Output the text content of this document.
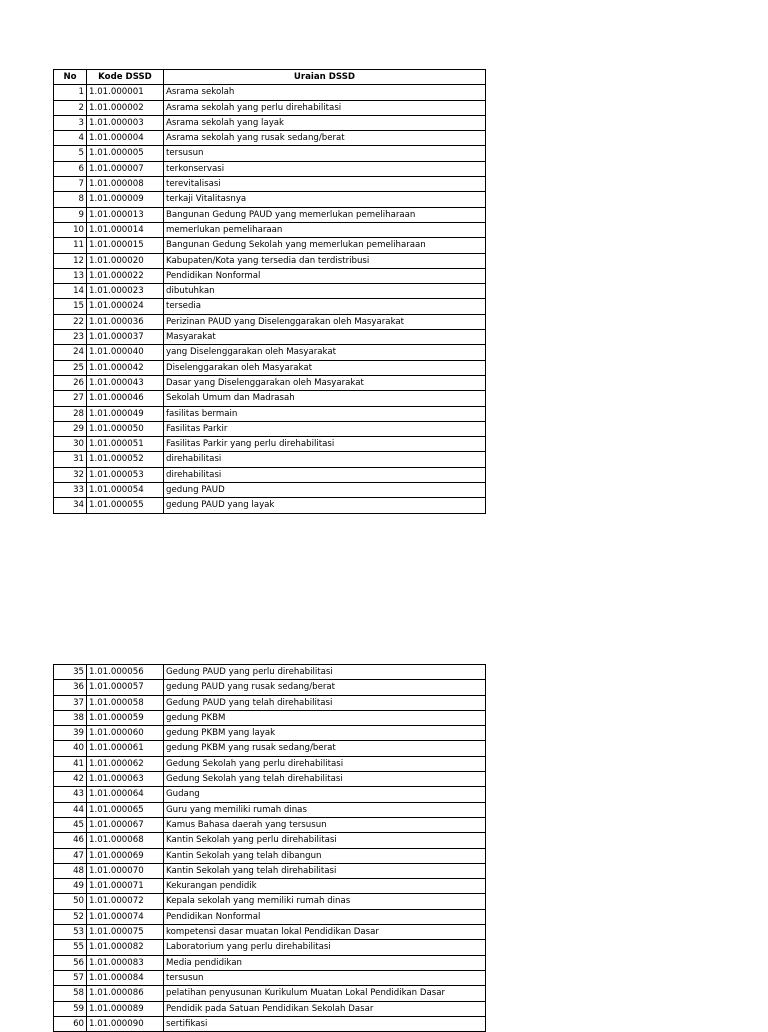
No	Kode DSSD	Uraian DSSD
1	1.01.000001	Asrama sekolah
2	1.01.000002	Asrama sekolah yang perlu direhabilitasi
3	1.01.000003	Asrama sekolah yang layak
4	1.01.000004	Asrama sekolah yang rusak sedang/berat
5	1.01.000005	tersusun
6	1.01.000007	terkonservasi
7	1.01.000008	terevitalisasi
8	1.01.000009	terkaji Vitalitasnya
9	1.01.000013	Bangunan Gedung PAUD yang memerlukan pemeliharaan
10	1.01.000014	memerlukan pemeliharaan
11	1.01.000015	Bangunan Gedung Sekolah yang memerlukan pemeliharaan
12	1.01.000020	Kabupaten/Kota yang tersedia dan terdistribusi
13	1.01.000022	Pendidikan Nonformal
14	1.01.000023	dibutuhkan
15	1.01.000024	tersedia
22	1.01.000036	Perizinan PAUD yang Diselenggarakan oleh Masyarakat
23	1.01.000037	Masyarakat
24	1.01.000040	yang Diselenggarakan oleh Masyarakat
25	1.01.000042	Diselenggarakan oleh Masyarakat
26	1.01.000043	Dasar yang Diselenggarakan oleh Masyarakat
27	1.01.000046	Sekolah Umum dan Madrasah
28	1.01.000049	fasilitas bermain
29	1.01.000050	Fasilitas Parkir
30	1.01.000051	Fasilitas Parkir yang perlu direhabilitasi
31	1.01.000052	direhabilitasi
32	1.01.000053	direhabilitasi
33	1.01.000054	gedung PAUD
34	1.01.000055	gedung PAUD yang layak
35	1.01.000056	Gedung PAUD yang perlu direhabilitasi
36	1.01.000057	gedung PAUD yang rusak sedang/berat
37	1.01.000058	Gedung PAUD yang telah direhabilitasi
38	1.01.000059	gedung PKBM
39	1.01.000060	gedung PKBM yang layak
40	1.01.000061	gedung PKBM yang rusak sedang/berat
41	1.01.000062	Gedung Sekolah yang perlu direhabilitasi
42	1.01.000063	Gedung Sekolah yang telah direhabilitasi
43	1.01.000064	Gudang
44	1.01.000065	Guru yang memiliki rumah dinas
45	1.01.000067	Kamus Bahasa daerah yang tersusun
46	1.01.000068	Kantin Sekolah yang perlu direhabilitasi
47	1.01.000069	Kantin Sekolah yang telah dibangun
48	1.01.000070	Kantin Sekolah yang telah direhabilitasi
49	1.01.000071	Kekurangan pendidik
50	1.01.000072	Kepala sekolah yang memiliki rumah dinas
52	1.01.000074	Pendidikan Nonformal
53	1.01.000075	kompetensi dasar muatan lokal Pendidikan Dasar
55	1.01.000082	Laboratorium yang perlu direhabilitasi
56	1.01.000083	Media pendidikan
57	1.01.000084	tersusun
58	1.01.000086	pelatihan penyusunan Kurikulum Muatan Lokal Pendidikan Dasar
59	1.01.000089	Pendidik pada Satuan Pendidikan Sekolah Dasar
60	1.01.000090	sertifikasi
